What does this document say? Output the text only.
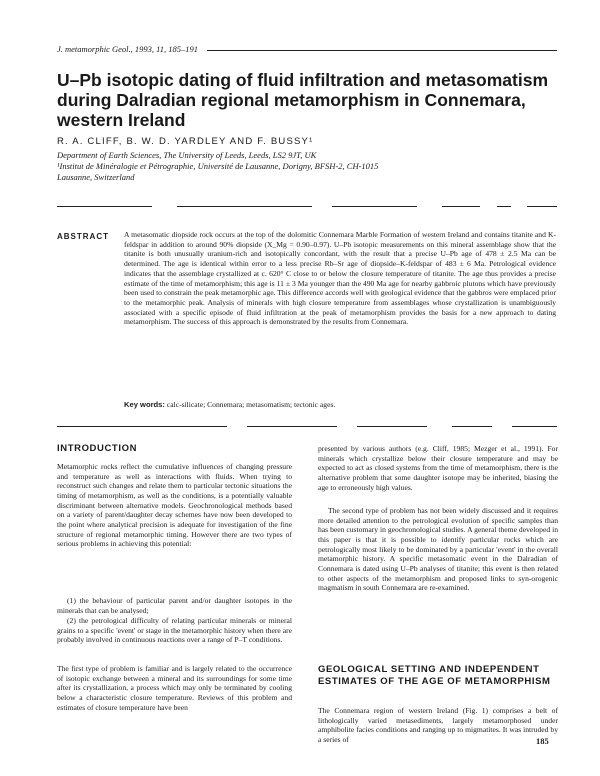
J. metamorphic Geol., 1993, 11, 185–191
U–Pb isotopic dating of fluid infiltration and metasomatism during Dalradian regional metamorphism in Connemara, western Ireland
R. A. CLIFF, B. W. D. YARDLEY AND F. BUSSY¹
Department of Earth Sciences, The University of Leeds, Leeds, LS2 9JT, UK
¹Institut de Minéralogie et Pétrographie, Université de Lausanne, Dorigny, BFSH-2, CH-1015
Lausanne, Switzerland
ABSTRACT	A metasomatic diopside rock occurs at the top of the dolomitic Connemara Marble Formation of western Ireland and contains titanite and K-feldspar in addition to around 90% diopside (X_Mg = 0.90–0.97). U–Pb isotopic measurements on this mineral assemblage show that the titanite is both unusually uranium-rich and isotopically concordant, with the result that a precise U–Pb age of 478 ± 2.5 Ma can be determined. The age is identical within error to a less precise Rb–Sr age of diopside–K-feldspar of 483 ± 6 Ma. Petrological evidence indicates that the assemblage crystallized at c. 620° C close to or below the closure temperature of titanite. The age thus provides a precise estimate of the time of metamorphism; this age is 11 ± 3 Ma younger than the 490 Ma age for nearby gabbroic plutons which have previously been used to constrain the peak metamorphic age. This difference accords well with geological evidence that the gabbros were emplaced prior to the metamorphic peak. Analysis of minerals with high closure temperature from assemblages whose crystallization is unambiguously associated with a specific episode of fluid infiltration at the peak of metamorphism provides the basis for a new approach to dating metamorphism. The success of this approach is demonstrated by the results from Connemara.

Key words: calc-silicate; Connemara; metasomatism; tectonic ages.
INTRODUCTION

Metamorphic rocks reflect the cumulative influences of changing pressure and temperature as well as interactions with fluids. When trying to reconstruct such changes and relate them to particular tectonic situations the timing of metamorphism, as well as the conditions, is a potentially valuable discriminant between alternative models. Geochronological methods based on a variety of parent/daughter decay schemes have now been developed to the point where analytical precision is adequate for investigation of the fine structure of regional metamorphic timing. However there are two types of serious problems in achieving this potential:

(1) the behaviour of particular parent and/or daughter isotopes in the minerals that can be analysed;

(2) the petrological difficulty of relating particular minerals or mineral grains to a specific 'event' or stage in the metamorphic history when there are probably involved in continuous reactions over a range of P–T conditions.

The first type of problem is familiar and is largely related to the occurrence of isotopic exchange between a mineral and its surroundings for some time after its crystallization, a process which may only be terminated by cooling below a characteristic closure temperature. Reviews of this problem and estimates of closure temperature have been

presented by various authors (e.g. Cliff, 1985; Mezger et al., 1991). For minerals which crystallize below their closure temperature and may be expected to act as closed systems from the time of metamorphism, there is the alternative problem that some daughter isotope may be inherited, biasing the age to erroneously high values.

The second type of problem has not been widely discussed and it requires more detailed attention to the petrological evolution of specific samples than has been customary in geochronological studies. A general theme developed in this paper is that it is possible to identify particular rocks which are petrologically most likely to be dominated by a particular 'event' in the overall metamorphic history. A specific metasomatic event in the Dalradian of Connemara is dated using U–Pb analyses of titanite; this event is then related to other aspects of the metamorphism and proposed links to syn-orogenic magmatism in south Connemara are re-examined.

GEOLOGICAL SETTING AND INDEPENDENT ESTIMATES OF THE AGE OF METAMORPHISM

The Connemara region of western Ireland (Fig. 1) comprises a belt of lithologically varied metasediments, largely metamorphosed under amphibolite facies conditions and ranging up to migmatites. It was intruded by a series of	185
